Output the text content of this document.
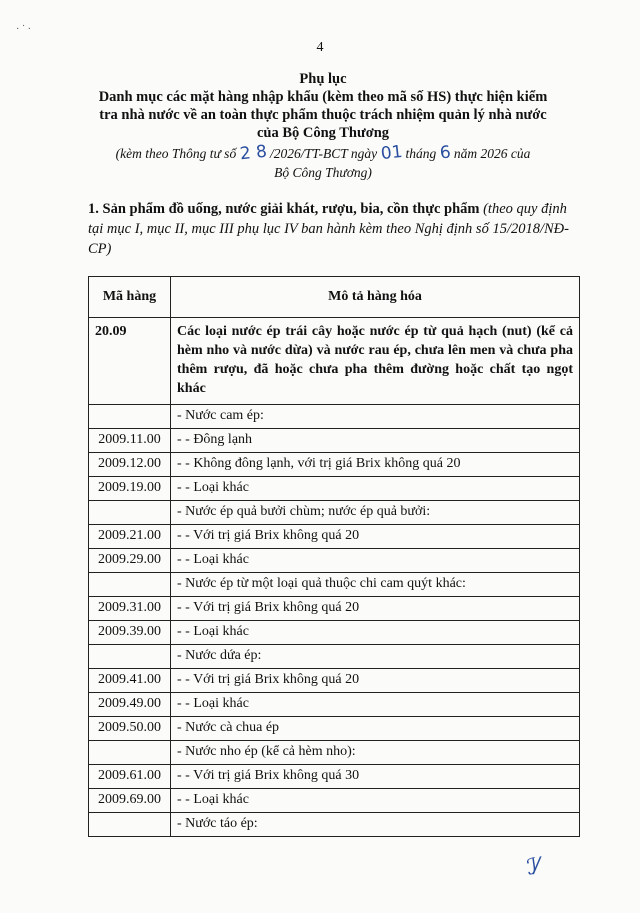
· ˙ ·
4
Phụ lục
Danh mục các mặt hàng nhập khẩu (kèm theo mã số HS) thực hiện kiểm
tra nhà nước về an toàn thực phẩm thuộc trách nhiệm quản lý nhà nước
của Bộ Công Thương
(kèm theo Thông tư số 2 8 /2026/TT-BCT ngày 01 tháng 6 năm 2026 của
Bộ Công Thương)
1. Sản phẩm đồ uống, nước giải khát, rượu, bia, cồn thực phẩm (theo quy định tại mục I, mục II, mục III phụ lục IV ban hành kèm theo Nghị định số 15/2018/NĐ-CP)
Mã hàng	Mô tả hàng hóa
20.09	Các loại nước ép trái cây hoặc nước ép từ quả hạch (nut) (kể cả hèm nho và nước dừa) và nước rau ép, chưa lên men và chưa pha thêm rượu, đã hoặc chưa pha thêm đường hoặc chất tạo ngọt khác
	- Nước cam ép:
2009.11.00	- - Đông lạnh
2009.12.00	- - Không đông lạnh, với trị giá Brix không quá 20
2009.19.00	- - Loại khác
	- Nước ép quả bưởi chùm; nước ép quả bưởi:
2009.21.00	- - Với trị giá Brix không quá 20
2009.29.00	- - Loại khác
	- Nước ép từ một loại quả thuộc chi cam quýt khác:
2009.31.00	- - Với trị giá Brix không quá 20
2009.39.00	- - Loại khác
	- Nước dứa ép:
2009.41.00	- - Với trị giá Brix không quá 20
2009.49.00	- - Loại khác
2009.50.00	- Nước cà chua ép
	- Nước nho ép (kể cả hèm nho):
2009.61.00	- - Với trị giá Brix không quá 30
2009.69.00	- - Loại khác
	- Nước táo ép:
ℐ⁄
